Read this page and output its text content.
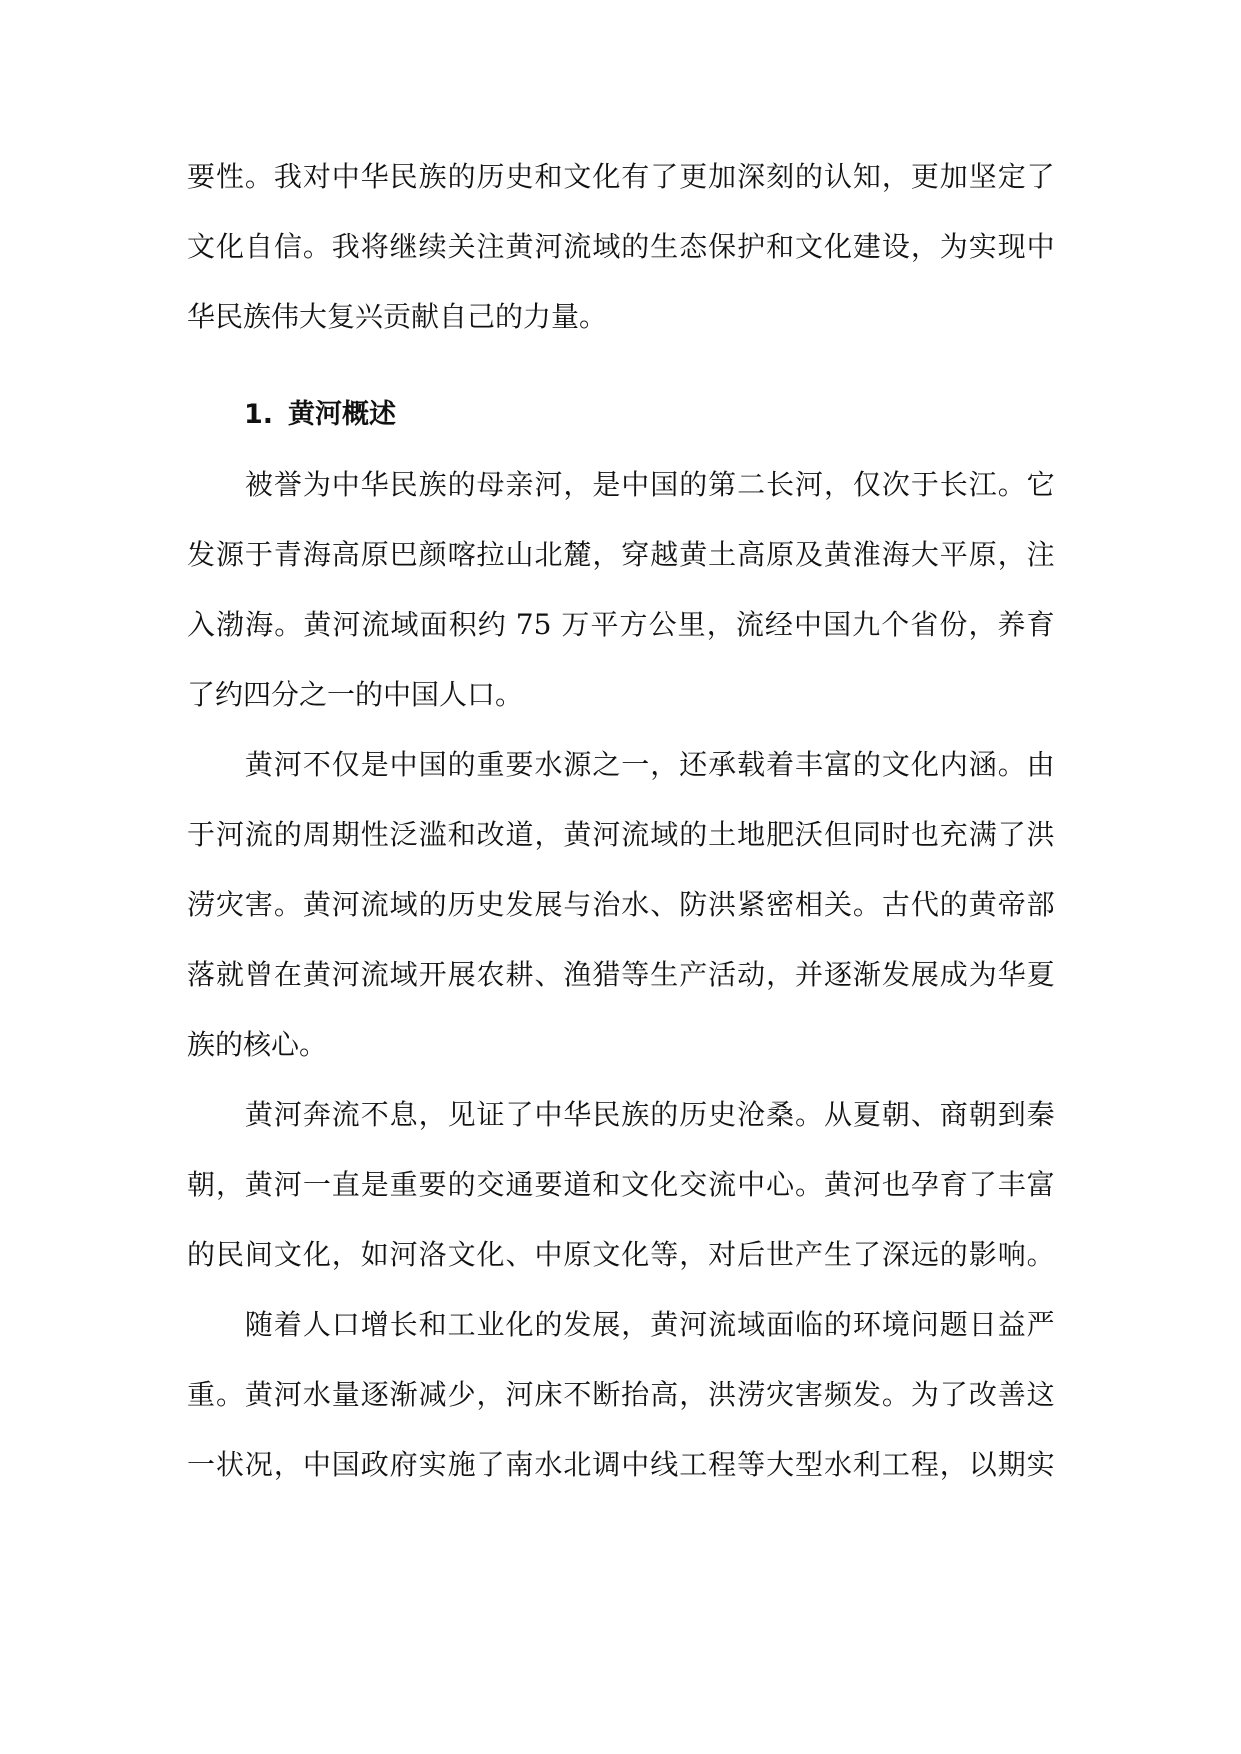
要 性 。 我 对 中 华 民 族 的 历 史 和 文 化 有 了 更 加 深 刻 的 认 知 ， 更 加 坚 定 了
文 化 自 信 。 我 将 继 续 关 注 黄 河 流 域 的 生 态 保 护 和 文 化 建 设 ， 为 实 现 中
华民族伟大复兴贡献自己的力量。
1. 黄河概述

被 誉 为 中 华 民 族 的 母 亲 河 ， 是 中 国 的 第 二 长 河 ， 仅 次 于 长 江 。 它
发 源 于 青 海 高 原 巴 颜 喀 拉 山 北 麓 ， 穿 越 黄 土 高 原 及 黄 淮 海 大 平 原 ， 注
入 渤 海 。 黄 河 流 域 面 积 约 75 万 平 方 公 里 ， 流 经 中 国 九 个 省 份 ， 养 育
了约四分之一的中国人口。

黄 河 不 仅 是 中 国 的 重 要 水 源 之 一 ， 还 承 载 着 丰 富 的 文 化 内 涵 。 由
于 河 流 的 周 期 性 泛 滥 和 改 道 ， 黄 河 流 域 的 土 地 肥 沃 但 同 时 也 充 满 了 洪
涝 灾 害 。 黄 河 流 域 的 历 史 发 展 与 治 水 、 防 洪 紧 密 相 关 。 古 代 的 黄 帝 部
落 就 曾 在 黄 河 流 域 开 展 农 耕 、 渔 猎 等 生 产 活 动 ， 并 逐 渐 发 展 成 为 华 夏
族的核心。

黄 河 奔 流 不 息 ， 见 证 了 中 华 民 族 的 历 史 沧 桑 。 从 夏 朝 、 商 朝 到 秦
朝 ， 黄 河 一 直 是 重 要 的 交 通 要 道 和 文 化 交 流 中 心 。 黄 河 也 孕 育 了 丰 富
的 民 间 文 化 ， 如 河 洛 文 化 、 中 原 文 化 等 ， 对 后 世 产 生 了 深 远 的 影 响 。

随 着 人 口 增 长 和 工 业 化 的 发 展 ， 黄 河 流 域 面 临 的 环 境 问 题 日 益 严
重 。 黄 河 水 量 逐 渐 减 少 ， 河 床 不 断 抬 高 ， 洪 涝 灾 害 频 发 。 为 了 改 善 这
一 状 况 ， 中 国 政 府 实 施 了 南 水 北 调 中 线 工 程 等 大 型 水 利 工 程 ， 以 期 实
